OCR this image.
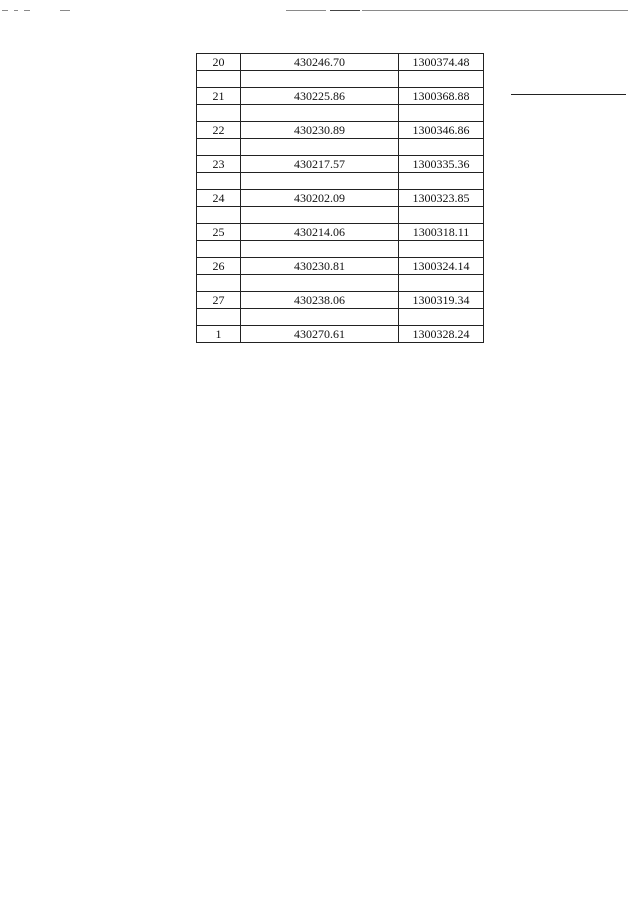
20	430246.70	1300374.48

21	430225.86	1300368.88

22	430230.89	1300346.86

23	430217.57	1300335.36

24	430202.09	1300323.85

25	430214.06	1300318.11

26	430230.81	1300324.14

27	430238.06	1300319.34

1	430270.61	1300328.24
